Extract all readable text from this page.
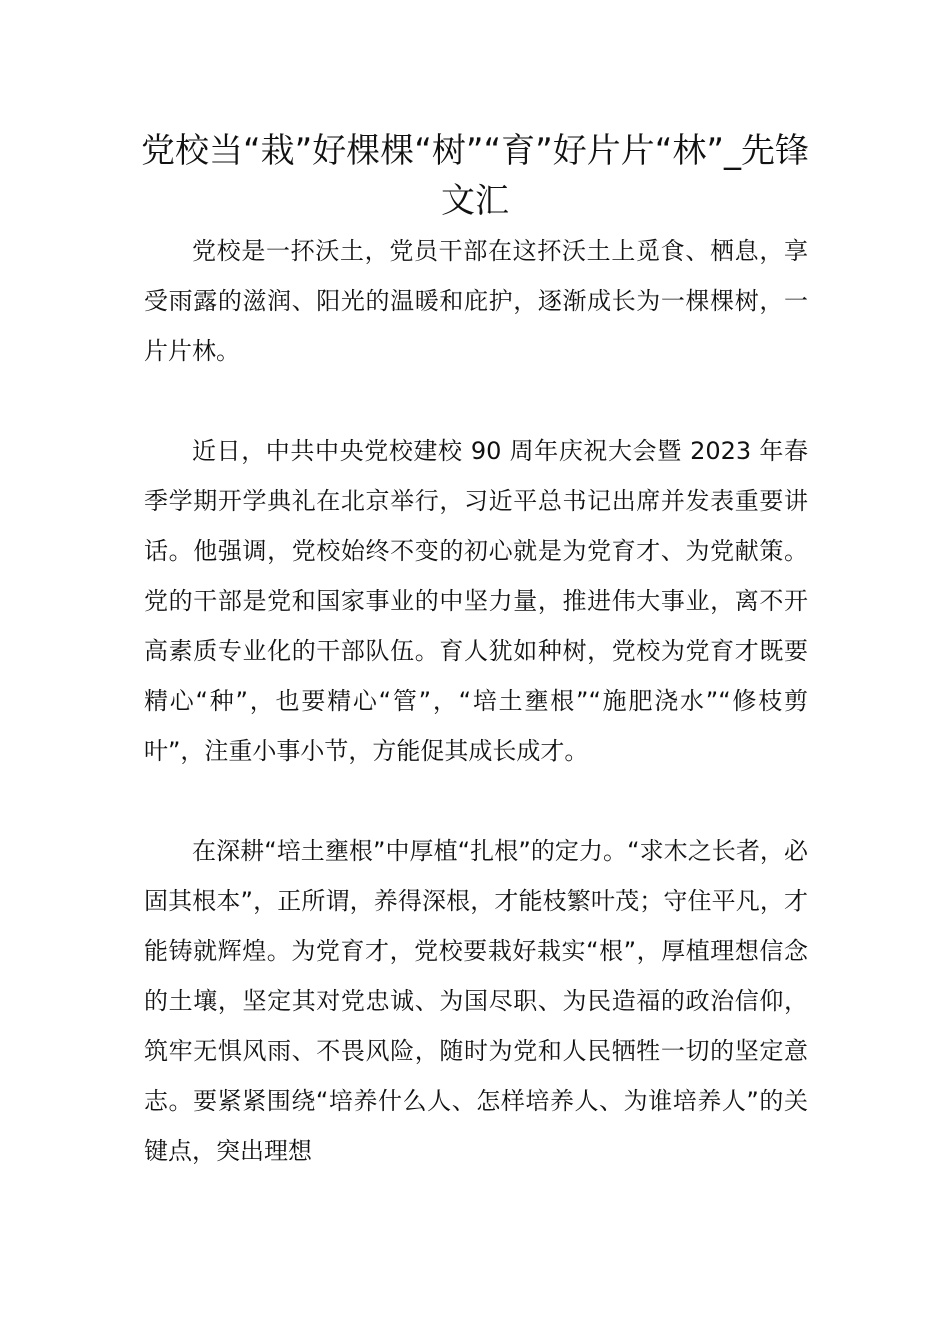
党校当“栽”好棵棵“树”“育”好片片“林”_先锋文汇

党校是一抔沃土，党员干部在这抔沃土上觅食、栖息，享受雨露的滋润、阳光的温暖和庇护，逐渐成长为一棵棵树，一片片林。

近日，中共中央党校建校 90 周年庆祝大会暨 2023 年春季学期开学典礼在北京举行，习近平总书记出席并发表重要讲话。他强调，党校始终不变的初心就是为党育才、为党献策。党的干部是党和国家事业的中坚力量，推进伟大事业，离不开高素质专业化的干部队伍。育人犹如种树，党校为党育才既要精心“种”，也要精心“管”，“培土壅根”“施肥浇水”“修枝剪叶”，注重小事小节，方能促其成长成才。

在深耕“培土壅根”中厚植“扎根”的定力。“求木之长者，必固其根本”，正所谓，养得深根，才能枝繁叶茂；守住平凡，才能铸就辉煌。为党育才，党校要栽好栽实“根”，厚植理想信念的土壤，坚定其对党忠诚、为国尽职、为民造福的政治信仰，筑牢无惧风雨、不畏风险，随时为党和人民牺牲一切的坚定意志。要紧紧围绕“培养什么人、怎样培养人、为谁培养人”的关键点，突出理想
